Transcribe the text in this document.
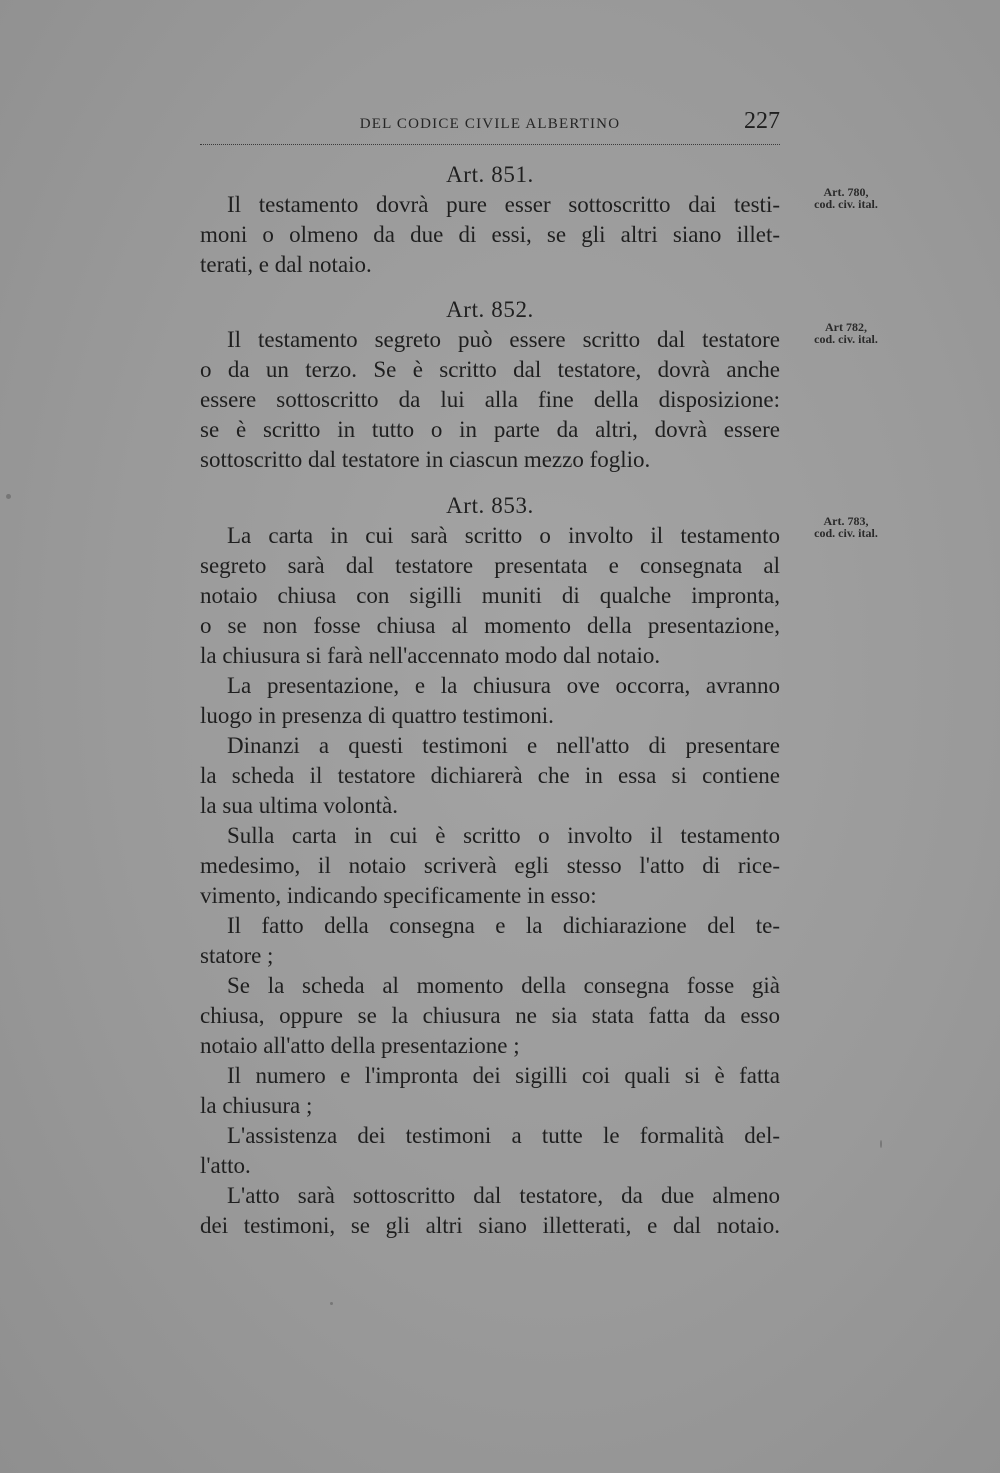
DEL CODICE CIVILE ALBERTINO	227
Art. 780,
cod. civ. ital.
Art 782,
cod. civ. ital.
Art. 783,
cod. civ. ital.
Art. 851.
Il testamento dovrà pure esser sottoscritto dai testi-
moni o olmeno da due di essi, se gli altri siano illet-
terati, e dal notaio.
Art. 852.
Il testamento segreto può essere scritto dal testatore
o da un terzo. Se è scritto dal testatore, dovrà anche
essere sottoscritto da lui alla fine della disposizione:
se è scritto in tutto o in parte da altri, dovrà essere
sottoscritto dal testatore in ciascun mezzo foglio.
Art. 853.
La carta in cui sarà scritto o involto il testamento
segreto sarà dal testatore presentata e consegnata al
notaio chiusa con sigilli muniti di qualche impronta,
o se non fosse chiusa al momento della presentazione,
la chiusura si farà nell'accennato modo dal notaio.
La presentazione, e la chiusura ove occorra, avranno
luogo in presenza di quattro testimoni.
Dinanzi a questi testimoni e nell'atto di presentare
la scheda il testatore dichiarerà che in essa si contiene
la sua ultima volontà.
Sulla carta in cui è scritto o involto il testamento
medesimo, il notaio scriverà egli stesso l'atto di rice-
vimento, indicando specificamente in esso:
Il fatto della consegna e la dichiarazione del te-
statore ;
Se la scheda al momento della consegna fosse già
chiusa, oppure se la chiusura ne sia stata fatta da esso
notaio all'atto della presentazione ;
Il numero e l'impronta dei sigilli coi quali si è fatta
la chiusura ;
L'assistenza dei testimoni a tutte le formalità del-
l'atto.
L'atto sarà sottoscritto dal testatore, da due almeno
dei testimoni, se gli altri siano illetterati, e dal notaio.
